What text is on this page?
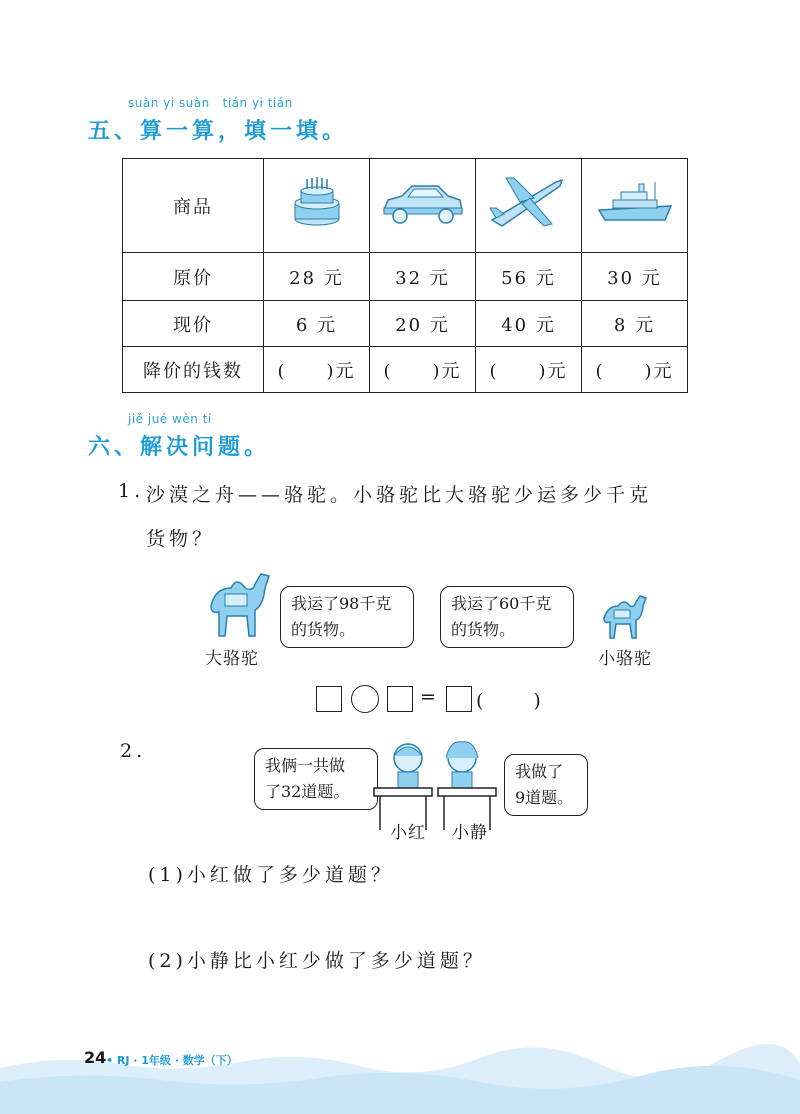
suàn yi suàn   tián yi tián
五、算一算，填一填。
商品				
原价	28 元	32 元	56 元	30 元
现价	6 元	20 元	40 元	8 元
降价的钱数	(　　)元	(　　)元	(　　)元	(　　)元
jiě jué wèn tí
六、解决问题。
1. 沙漠之舟——骆驼。小骆驼比大骆驼少运多少千克
货物？
我运了98千克
的货物。
大骆驼
我运了60千克
的货物。
小骆驼
= (　　)
2.
我俩一共做
了32道题。
我做了
9道题。
小红 小静
(1)小红做了多少道题？
(2)小静比小红少做了多少道题？
24 • RJ · 1年级 · 数学（下）
